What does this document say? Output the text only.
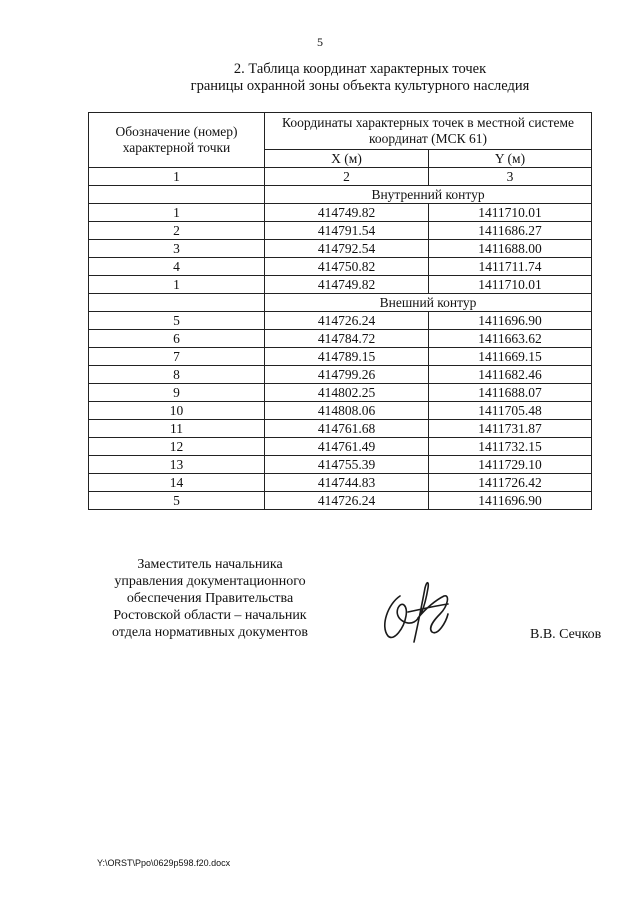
5
2. Таблица координат характерных точек
границы охранной зоны объекта культурного наследия
Обозначение (номер) характерной точки	Координаты характерных точек в местной системе координат (МСК 61)	
	X (м)	Y (м)
1	2	3
	Внутренний контур	
1	414749.82	1411710.01
2	414791.54	1411686.27
3	414792.54	1411688.00
4	414750.82	1411711.74
1	414749.82	1411710.01
	Внешний контур	
5	414726.24	1411696.90
6	414784.72	1411663.62
7	414789.15	1411669.15
8	414799.26	1411682.46
9	414802.25	1411688.07
10	414808.06	1411705.48
11	414761.68	1411731.87
12	414761.49	1411732.15
13	414755.39	1411729.10
14	414744.83	1411726.42
5	414726.24	1411696.90
Заместитель начальника
управления документационного
обеспечения Правительства
Ростовской области – начальник
отдела нормативных документов	В.В. Сечков
Y:\ORST\Ppo\0629p598.f20.docx
